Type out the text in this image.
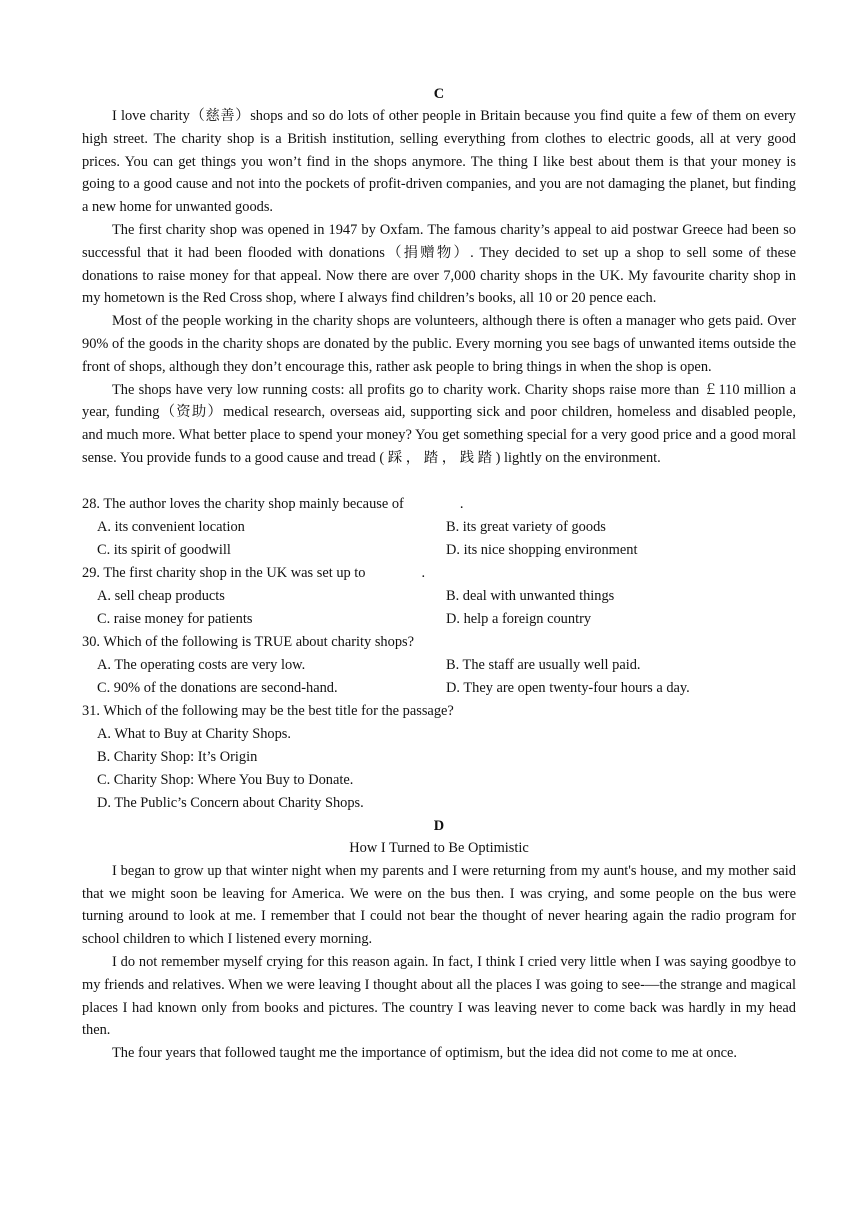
C

I love charity（慈善）shops and so do lots of other people in Britain because you find quite a few of them on every high street. The charity shop is a British institution, selling everything from clothes to electric goods, all at very good prices. You can get things you won’t find in the shops anymore. The thing I like best about them is that your money is going to a good cause and not into the pockets of profit-driven companies, and you are not damaging the planet, but finding a new home for unwanted goods.

The first charity shop was opened in 1947 by Oxfam. The famous charity’s appeal to aid postwar Greece had been so successful that it had been flooded with donations（捐赠物）. They decided to set up a shop to sell some of these donations to raise money for that appeal. Now there are over 7,000 charity shops in the UK. My favourite charity shop in my hometown is the Red Cross shop, where I always find children’s books, all 10 or 20 pence each.

Most of the people working in the charity shops are volunteers, although there is often a manager who gets paid. Over 90% of the goods in the charity shops are donated by the public. Every morning you see bags of unwanted items outside the front of shops, although they don’t encourage this, rather ask people to bring things in when the shop is open.

The shops have very low running costs: all profits go to charity work. Charity shops raise more than ￡110 million a year, funding（资助）medical research, overseas aid, supporting sick and poor children, homeless and disabled people, and much more. What better place to spend your money? You get something special for a very good price and a good moral sense. You provide funds to a good cause and tread ( 踩 ， 踏 ， 践 踏 ) lightly on the environment.

28. The author loves the charity shop mainly because of	.
A. its convenient location	B. its great variety of goods
C. its spirit of goodwill	D. its nice shopping environment
29. The first charity shop in the UK was set up to	.
A. sell cheap products	B. deal with unwanted things
C. raise money for patients	D. help a foreign country
30. Which of the following is TRUE about charity shops?
A. The operating costs are very low.	B. The staff are usually well paid.
C. 90% of the donations are second-hand.	D. They are open twenty-four hours a day.
31. Which of the following may be the best title for the passage?
A. What to Buy at Charity Shops.
B. Charity Shop: It’s Origin
C. Charity Shop: Where You Buy to Donate.
D. The Public’s Concern about Charity Shops.
D
How I Turned to Be Optimistic

I began to grow up that winter night when my parents and I were returning from my aunt's house, and my mother said that we might soon be leaving for America. We were on the bus then. I was crying, and some people on the bus were turning around to look at me. I remember that I could not bear the thought of never hearing again the radio program for school children to which I listened every morning.

I do not remember myself crying for this reason again. In fact, I think I cried very little when I was saying goodbye to my friends and relatives. When we were leaving I thought about all the places I was going to see-—the strange and magical places I had known only from books and pictures. The country I was leaving never to come back was hardly in my head then.

The four years that followed taught me the importance of optimism, but the idea did not come to me at once.
